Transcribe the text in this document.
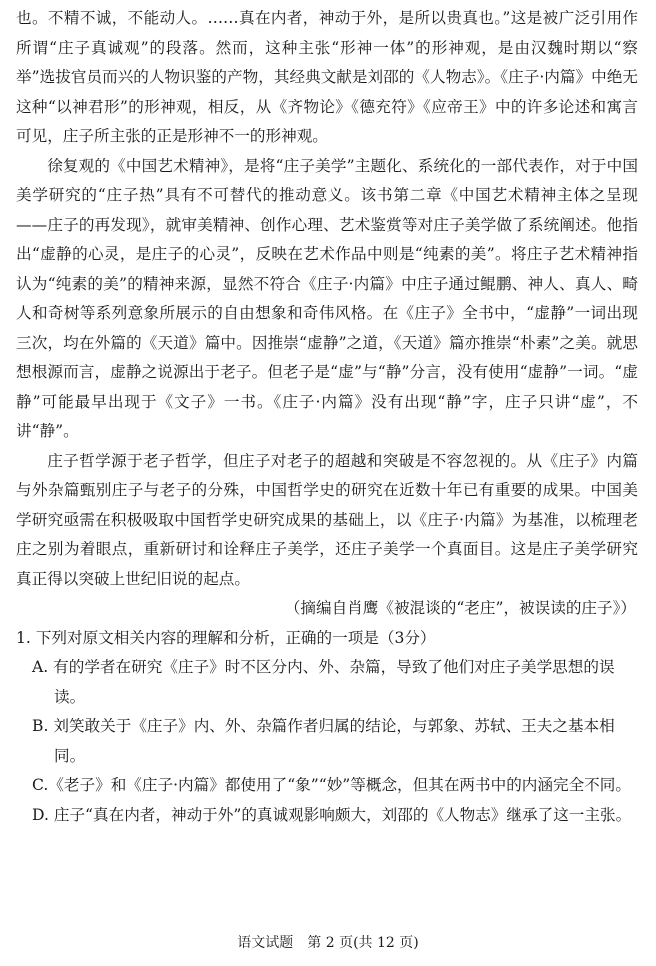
也。不精不诚，不能动人。……真在内者，神动于外，是所以贵真也。”这是被广泛引用作所谓“庄子真诚观”的段落。然而，这种主张“形神一体”的形神观，是由汉魏时期以“察举”选拔官员而兴的人物识鉴的产物，其经典文献是刘邵的《人物志》。《庄子·内篇》中绝无这种“以神君形”的形神观，相反，从《齐物论》《德充符》《应帝王》中的许多论述和寓言可见，庄子所主张的正是形神不一的形神观。

徐复观的《中国艺术精神》，是将“庄子美学”主题化、系统化的一部代表作，对于中国美学研究的“庄子热”具有不可替代的推动意义。该书第二章《中国艺术精神主体之呈现——庄子的再发现》，就审美精神、创作心理、艺术鉴赏等对庄子美学做了系统阐述。他指出“虚静的心灵，是庄子的心灵”，反映在艺术作品中则是“纯素的美”。将庄子艺术精神指认为“纯素的美”的精神来源，显然不符合《庄子·内篇》中庄子通过鲲鹏、神人、真人、畸人和奇树等系列意象所展示的自由想象和奇伟风格。在《庄子》全书中，“虚静”一词出现三次，均在外篇的《天道》篇中。因推崇“虚静”之道，《天道》篇亦推崇“朴素”之美。就思想根源而言，虚静之说源出于老子。但老子是“虚”与“静”分言，没有使用“虚静”一词。“虚静”可能最早出现于《文子》一书。《庄子·内篇》没有出现“静”字，庄子只讲“虚”，不讲“静”。

庄子哲学源于老子哲学，但庄子对老子的超越和突破是不容忽视的。从《庄子》内篇与外杂篇甄别庄子与老子的分殊，中国哲学史的研究在近数十年已有重要的成果。中国美学研究亟需在积极吸取中国哲学史研究成果的基础上，以《庄子·内篇》为基准，以梳理老庄之别为着眼点，重新研讨和诠释庄子美学，还庄子美学一个真面目。这是庄子美学研究真正得以突破上世纪旧说的起点。

（摘编自肖鹰《被混谈的“老庄”，被误读的庄子》）

1. 下列对原文相关内容的理解和分析，正确的一项是（3分）

A. 有的学者在研究《庄子》时不区分内、外、杂篇，导致了他们对庄子美学思想的误读。

B. 刘笑敢关于《庄子》内、外、杂篇作者归属的结论，与郭象、苏轼、王夫之基本相同。

C.《老子》和《庄子·内篇》都使用了“象”“妙”等概念，但其在两书中的内涵完全不同。

D. 庄子“真在内者，神动于外”的真诚观影响颇大，刘邵的《人物志》继承了这一主张。

语文试题　第 2 页(共 12 页)
